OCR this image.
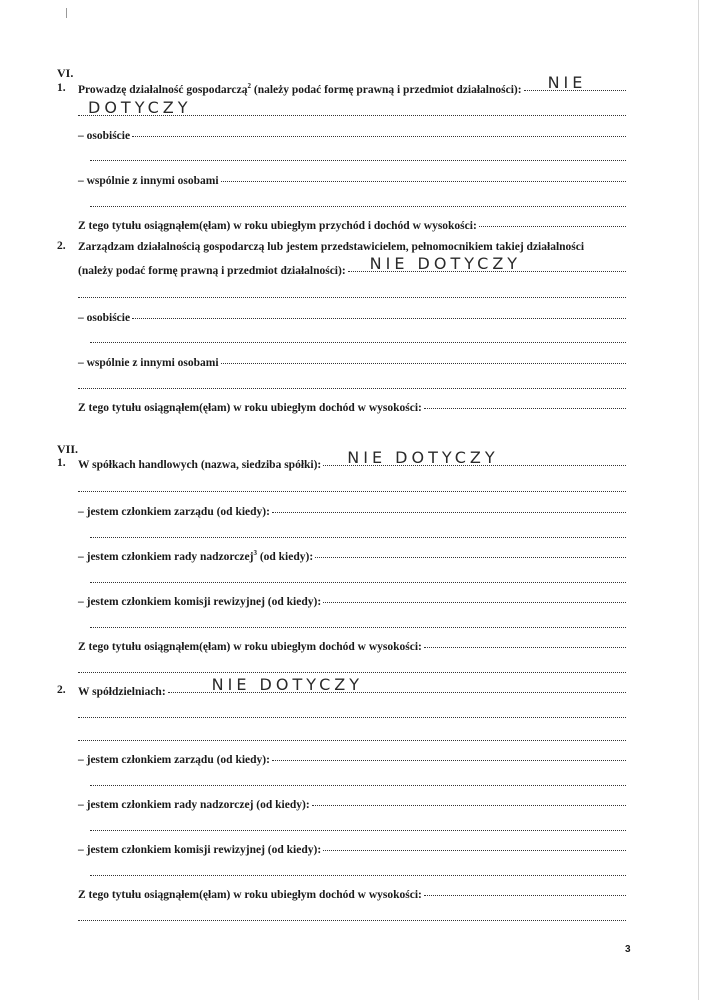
VI.
1. Prowadzę działalność gospodarczą$^2$ (należy podać formę prawną i przedmiot działalności): NIE
DOTYCZY
– osobiście
– wspólnie z innymi osobami
Z tego tytułu osiągnąłem(ęłam) w roku ubiegłym przychód i dochód w wysokości:
2. Zarządzam działalnością gospodarczą lub jestem przedstawicielem, pełnomocnikiem takiej działalności
(należy podać formę prawną i przedmiot działalności): NIE DOTYCZY
– osobiście
– wspólnie z innymi osobami
Z tego tytułu osiągnąłem(ęłam) w roku ubiegłym dochód w wysokości:
VII.
1. W spółkach handlowych (nazwa, siedziba spółki): NIE DOTYCZY
– jestem członkiem zarządu (od kiedy):
– jestem członkiem rady nadzorczej$^3$ (od kiedy):
– jestem członkiem komisji rewizyjnej (od kiedy):
Z tego tytułu osiągnąłem(ęłam) w roku ubiegłym dochód w wysokości:
2. W spółdzielniach:	NIE DOTYCZY
– jestem członkiem zarządu (od kiedy):
– jestem członkiem rady nadzorczej (od kiedy):
– jestem członkiem komisji rewizyjnej (od kiedy):
Z tego tytułu osiągnąłem(ęłam) w roku ubiegłym dochód w wysokości:
3
